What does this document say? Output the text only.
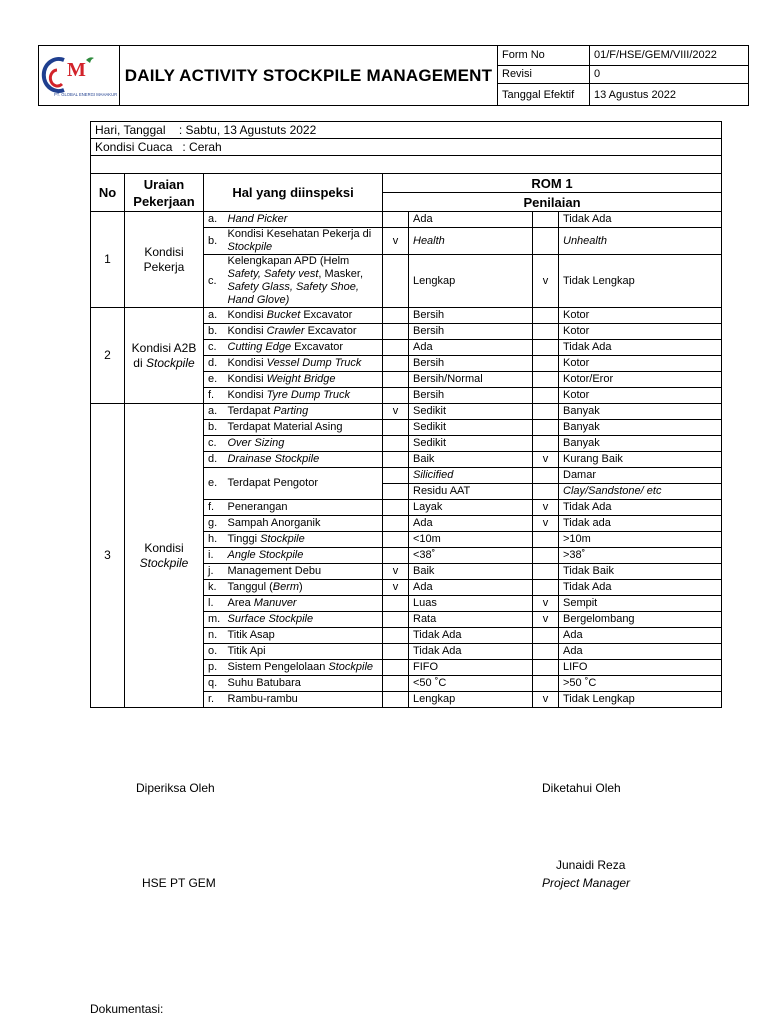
M
PT. GLOBAL ENERGI MAHAKUR	DAILY ACTIVITY STOCKPILE MANAGEMENT	Form No	01/F/HSE/GEM/VIII/2022
		Revisi	0
		Tanggal Efektif	13 Agustus 2022
Hari, Tanggal    : Sabtu, 13 Agustuts 2022							
Kondisi Cuaca   : Cerah							

No	Uraian Pekerjaan	Hal yang diinspeksi		ROM 1			
				Penilaian			
1	Kondisi Pekerja	a.	Hand Picker		Ada		Tidak Ada
		b.	Kondisi Kesehatan Pekerja di Stockpile	v	Health		Unhealth
		c.	Kelengkapan APD (Helm Safety, Safety vest, Masker, Safety Glass, Safety Shoe, Hand Glove)		Lengkap	v	Tidak Lengkap
2	Kondisi A2B di Stockpile	a.	Kondisi Bucket Excavator		Bersih		Kotor
		b.	Kondisi Crawler Excavator		Bersih		Kotor
		c.	Cutting Edge Excavator		Ada		Tidak Ada
		d.	Kondisi Vessel Dump Truck		Bersih		Kotor
		e.	Kondisi Weight Bridge		Bersih/Normal		Kotor/Eror
		f.	Kondisi Tyre Dump Truck		Bersih		Kotor
3	Kondisi Stockpile	a.	Terdapat Parting	v	Sedikit		Banyak
		b.	Terdapat Material Asing		Sedikit		Banyak
		c.	Over Sizing		Sedikit		Banyak
		d.	Drainase Stockpile		Baik	v	Kurang Baik
		e.	Terdapat Pengotor		Silicified		Damar
					Residu AAT		Clay/Sandstone/ etc
		f.	Penerangan		Layak	v	Tidak Ada
		g.	Sampah Anorganik		Ada	v	Tidak ada
		h.	Tinggi Stockpile		<10m		>10m
		i.	Angle Stockpile		<38˚		>38˚
		j.	Management Debu	v	Baik		Tidak Baik
		k.	Tanggul (Berm)	v	Ada		Tidak Ada
		l.	Area Manuver		Luas	v	Sempit
		m.	Surface Stockpile		Rata	v	Bergelombang
		n.	Titik Asap		Tidak Ada		Ada
		o.	Titik Api		Tidak Ada		Ada
		p.	Sistem Pengelolaan Stockpile		FIFO		LIFO
		q.	Suhu Batubara		<50 ˚C		>50 ˚C
		r.	Rambu-rambu		Lengkap	v	Tidak Lengkap
Diperiksa Oleh	Diketahui Oleh
Junaidi Reza
HSE PT GEM	Project Manager
Dokumentasi:
